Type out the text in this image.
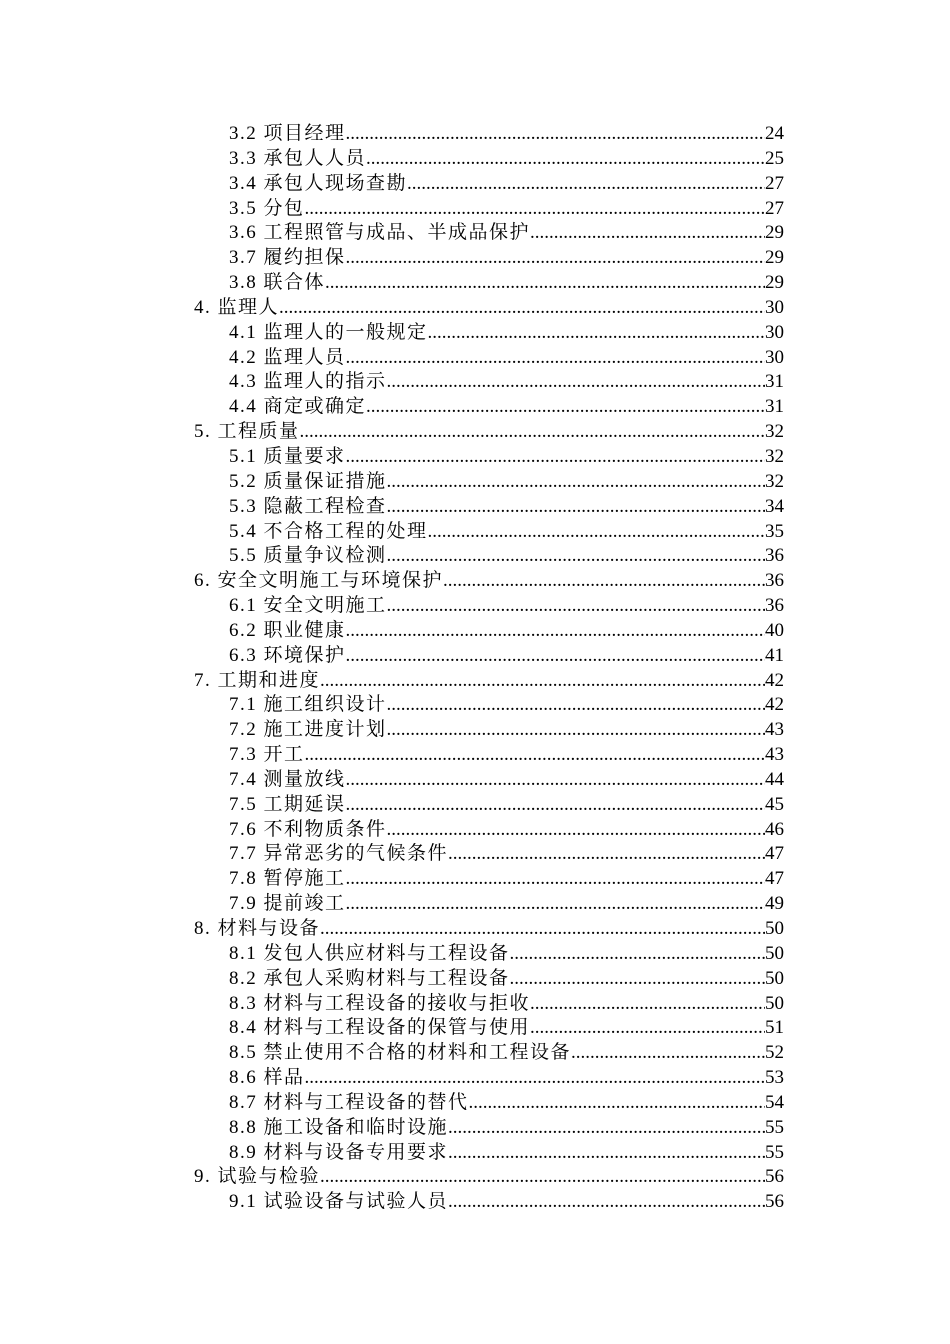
3.2 项目经理 .....	24
3.3 承包人人员 .....	25
3.4 承包人现场查勘 .....	27
3.5 分包 .....	27
3.6 工程照管与成品、半成品保护 .....	29
3.7 履约担保 .....	29
3.8 联合体 .....	29
4. 监理人 .....	30
4.1 监理人的一般规定 .....	30
4.2 监理人员 .....	30
4.3 监理人的指示 .....	31
4.4 商定或确定 .....	31
5. 工程质量 .....	32
5.1 质量要求 .....	32
5.2 质量保证措施 .....	32
5.3 隐蔽工程检查 .....	34
5.4 不合格工程的处理 .....	35
5.5 质量争议检测 .....	36
6. 安全文明施工与环境保护 .....	36
6.1 安全文明施工 .....	36
6.2 职业健康 .....	40
6.3 环境保护 .....	41
7. 工期和进度 .....	42
7.1 施工组织设计 .....	42
7.2 施工进度计划 .....	43
7.3 开工 .....	43
7.4 测量放线 .....	44
7.5 工期延误 .....	45
7.6 不利物质条件 .....	46
7.7 异常恶劣的气候条件 .....	47
7.8 暂停施工 .....	47
7.9 提前竣工 .....	49
8. 材料与设备 .....	50
8.1 发包人供应材料与工程设备 .....	50
8.2 承包人采购材料与工程设备 .....	50
8.3 材料与工程设备的接收与拒收 .....	50
8.4 材料与工程设备的保管与使用 .....	51
8.5 禁止使用不合格的材料和工程设备 .....	52
8.6 样品 .....	53
8.7 材料与工程设备的替代 .....	54
8.8 施工设备和临时设施 .....	55
8.9 材料与设备专用要求 .....	55
9. 试验与检验 .....	56
9.1 试验设备与试验人员 .....	56
